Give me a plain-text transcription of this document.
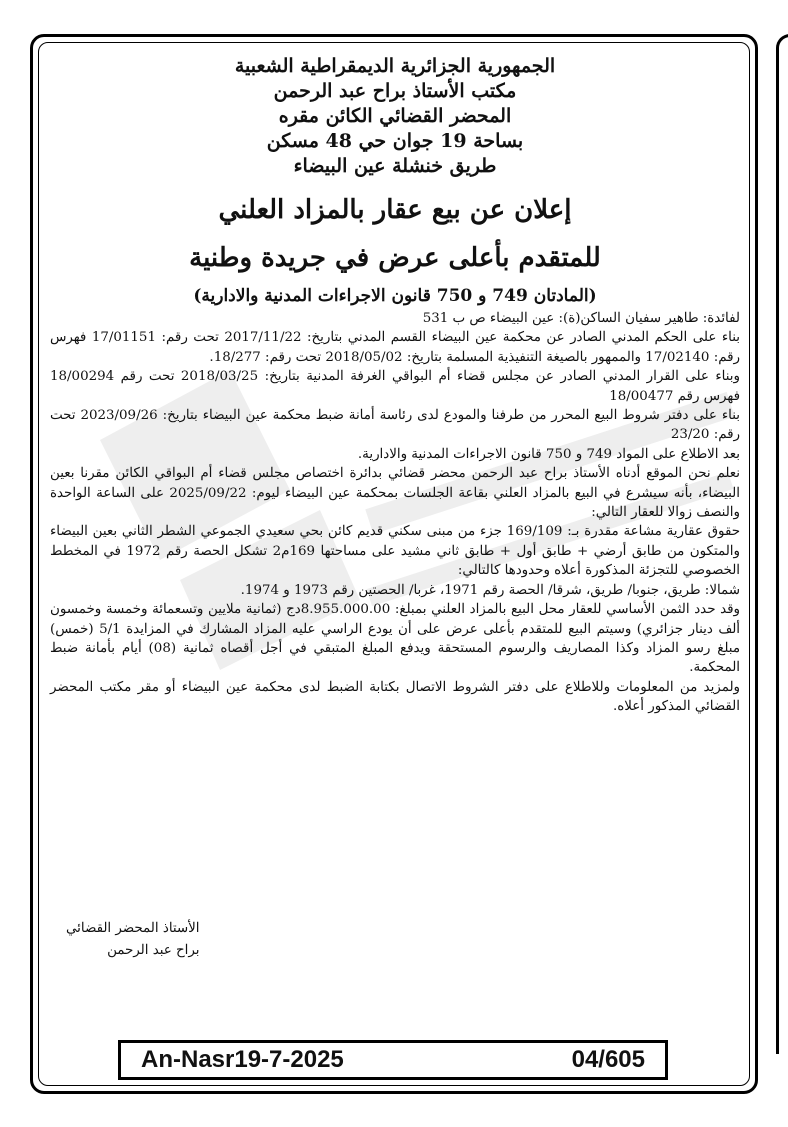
الجمهورية الجزائرية الديمقراطية الشعبية

مكتب الأستاذ براح عبد الرحمن

المحضر القضائي الكائن مقره

بساحة 19 جوان حي 48 مسكن

طريق خنشلة عين البيضاء

إعلان عن بيع عقار بالمزاد العلني

للمتقدم بأعلى عرض في جريدة وطنية

(المادتان 749 و 750 قانون الاجراءات المدنية والادارية)

لفائدة: طاهير سفيان الساكن(ة): عين البيضاء ص ب 531

بناء على الحكم المدني الصادر عن محكمة عين البيضاء القسم المدني بتاريخ: 2017/11/22 تحت رقم: 17/01151 فهرس رقم: 17/02140 والممهور بالصيغة التنفيذية المسلمة بتاريخ: 2018/05/02 تحت رقم: 18/277.

وبناء على القرار المدني الصادر عن مجلس قضاء أم البواقي الغرفة المدنية بتاريخ: 2018/03/25 تحت رقم 18/00294 فهرس رقم 18/00477

بناء على دفتر شروط البيع المحرر من طرفنا والمودع لدى رئاسة أمانة ضبط محكمة عين البيضاء بتاريخ: 2023/09/26 تحت رقم: 23/20

بعد الاطلاع على المواد 749 و 750 قانون الاجراءات المدنية والادارية.

نعلم نحن الموقع أدناه الأستاذ براح عبد الرحمن محضر قضائي بدائرة اختصاص مجلس قضاء أم البواقي الكائن مقرنا بعين البيضاء، بأنه سيشرع في البيع بالمزاد العلني بقاعة الجلسات بمحكمة عين البيضاء ليوم: 2025/09/22 على الساعة الواحدة والنصف زوالا للعقار التالي:

حقوق عقارية مشاعة مقدرة بـ: 169/109 جزء من مبنى سكني قديم كائن بحي سعيدي الجموعي الشطر الثاني بعين البيضاء والمتكون من طابق أرضي + طابق أول + طابق ثاني مشيد على مساحتها 169م2 تشكل الحصة رقم 1972 في المخطط الخصوصي للتجزئة المذكورة أعلاه وحدودها كالتالي:

شمالا: طريق، جنوبا/ طريق، شرقا/ الحصة رقم 1971، غربا/ الحصتين رقم 1973 و 1974.

وقد حدد الثمن الأساسي للعقار محل البيع بالمزاد العلني بمبلغ: 8.955.000.00دج (ثمانية ملايين وتسعمائة وخمسة وخمسون ألف دينار جزائري) وسيتم البيع للمتقدم بأعلى عرض على أن يودع الراسي عليه المزاد المشارك في المزايدة 5/1 (خمس) مبلغ رسو المزاد وكذا المصاريف والرسوم المستحقة ويدفع المبلغ المتبقي في أجل أقصاه ثمانية (08) أيام بأمانة ضبط المحكمة.

ولمزيد من المعلومات وللاطلاع على دفتر الشروط الاتصال بكتابة الضبط لدى محكمة عين البيضاء أو مقر مكتب المحضر القضائي المذكور أعلاه.

الأستاذ المحضر القضائي
براح عبد الرحمن
An-Nasr19-7-2025	04/605
